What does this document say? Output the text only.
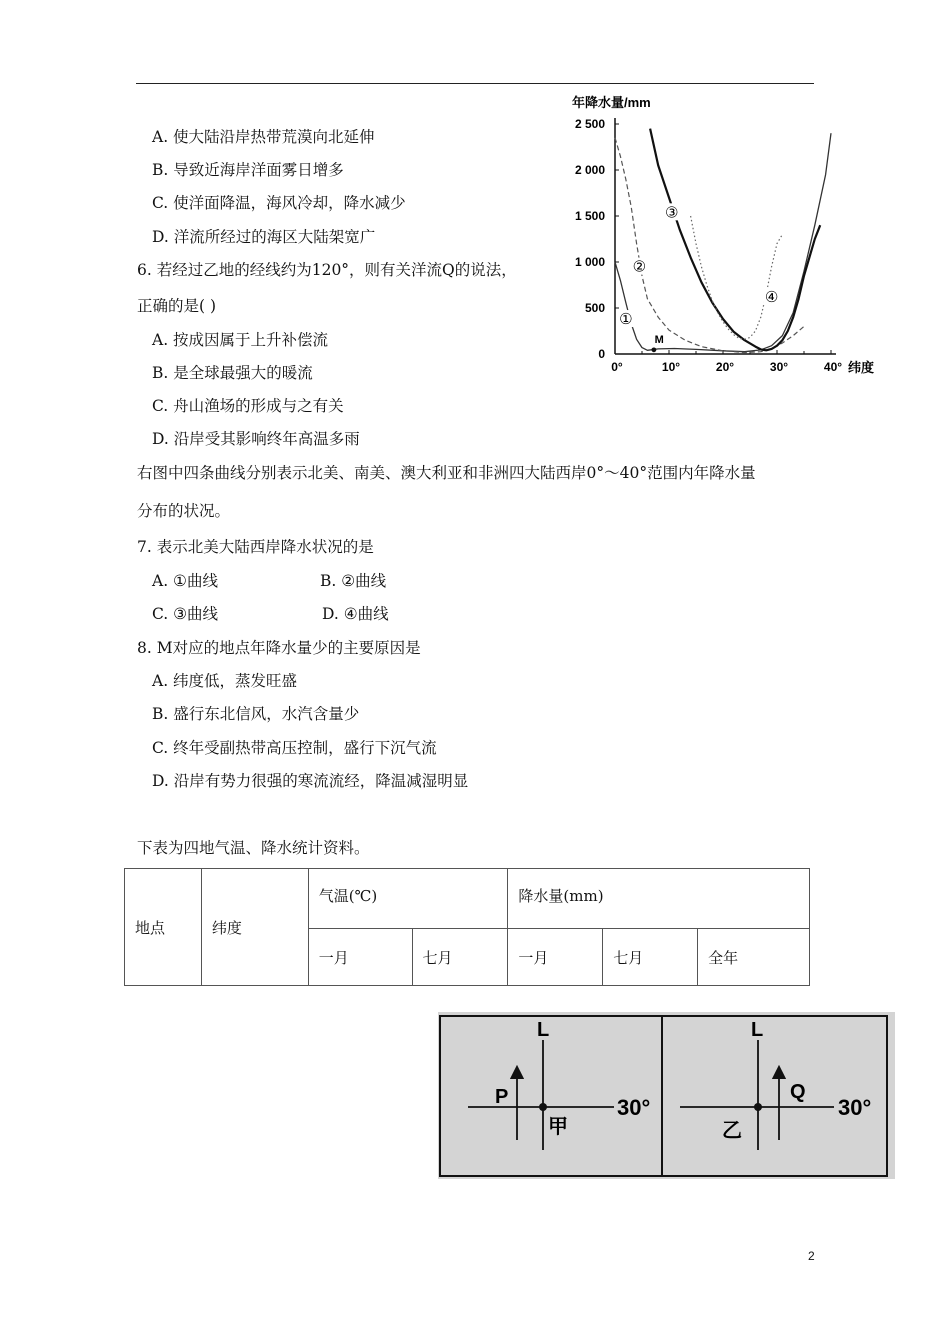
A. 使大陆沿岸热带荒漠向北延伸
B. 导致近海岸洋面雾日增多
C. 使洋面降温，海风冷却，降水减少
D. 洋流所经过的海区大陆架宽广
6. 若经过乙地的经线约为120°，则有关洋流Q的说法，
正确的是( )
A. 按成因属于上升补偿流
B. 是全球最强大的暖流
C. 舟山渔场的形成与之有关
D. 沿岸受其影响终年高温多雨
右图中四条曲线分别表示北美、南美、澳大利亚和非洲四大陆西岸0°～40°范围内年降水量
分布的状况。
7. 表示北美大陆西岸降水状况的是
A. ①曲线	B. ②曲线
C. ③曲线	D. ④曲线
8. M对应的地点年降水量少的主要原因是
A. 纬度低，蒸发旺盛
B. 盛行东北信风，水汽含量少
C. 终年受副热带高压控制，盛行下沉气流
D. 沿岸有势力很强的寒流流经，降温减湿明显
下表为四地气温、降水统计资料。
地点	纬度	气温(℃)		降水量(mm)		
		一月	七月	一月	七月	全年
年降水量/mm
纬度
0
500
1 000
1 500
2 000
2 500
0°	10°	20°	30°	40°
①
②
③
④
M
L
P
甲
30°
L
Q
乙
30°
2
